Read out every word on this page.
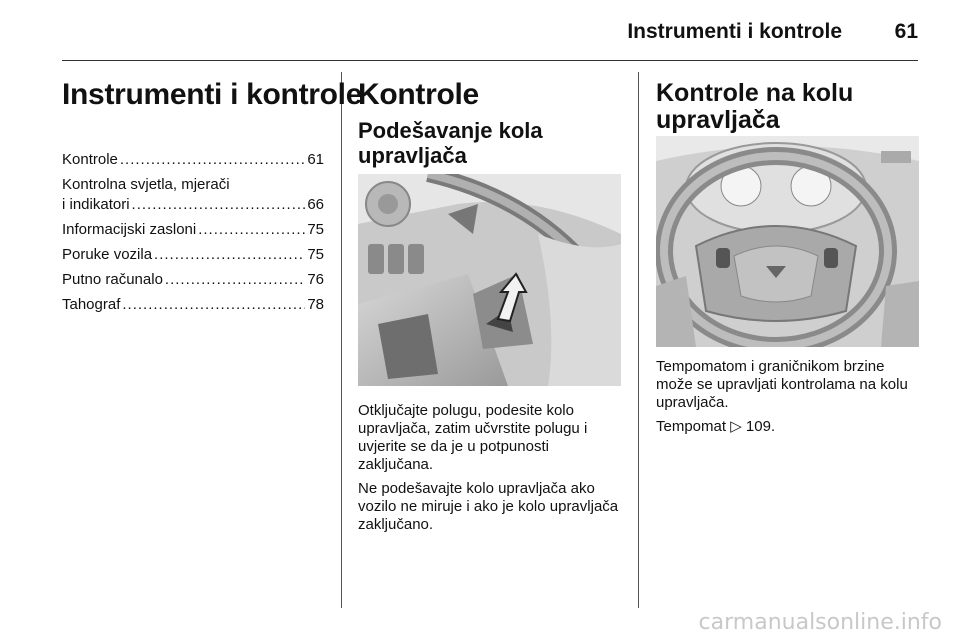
Instrumenti i kontrole	61
Instrumenti i kontrole
Kontrole .....	61
Kontrolna svjetla, mjerači
i indikatori .....	66
Informacijski zasloni .....	75
Poruke vozila .....	75
Putno računalo .....	76
Tahograf .....	78
Kontrole
Podešavanje kola upravljača

Otključajte polugu, podesite kolo upravljača, zatim učvrstite polugu i uvjerite se da je u potpunosti zaključana.

Ne podešavajte kolo upravljača ako vozilo ne miruje i ako je kolo upravljača zaključano.

Kontrole na kolu upravljača

Tempomatom i graničnikom brzine može se upravljati kontrolama na kolu upravljača.

Tempomat ▷ 109.

carmanualsonline.info
